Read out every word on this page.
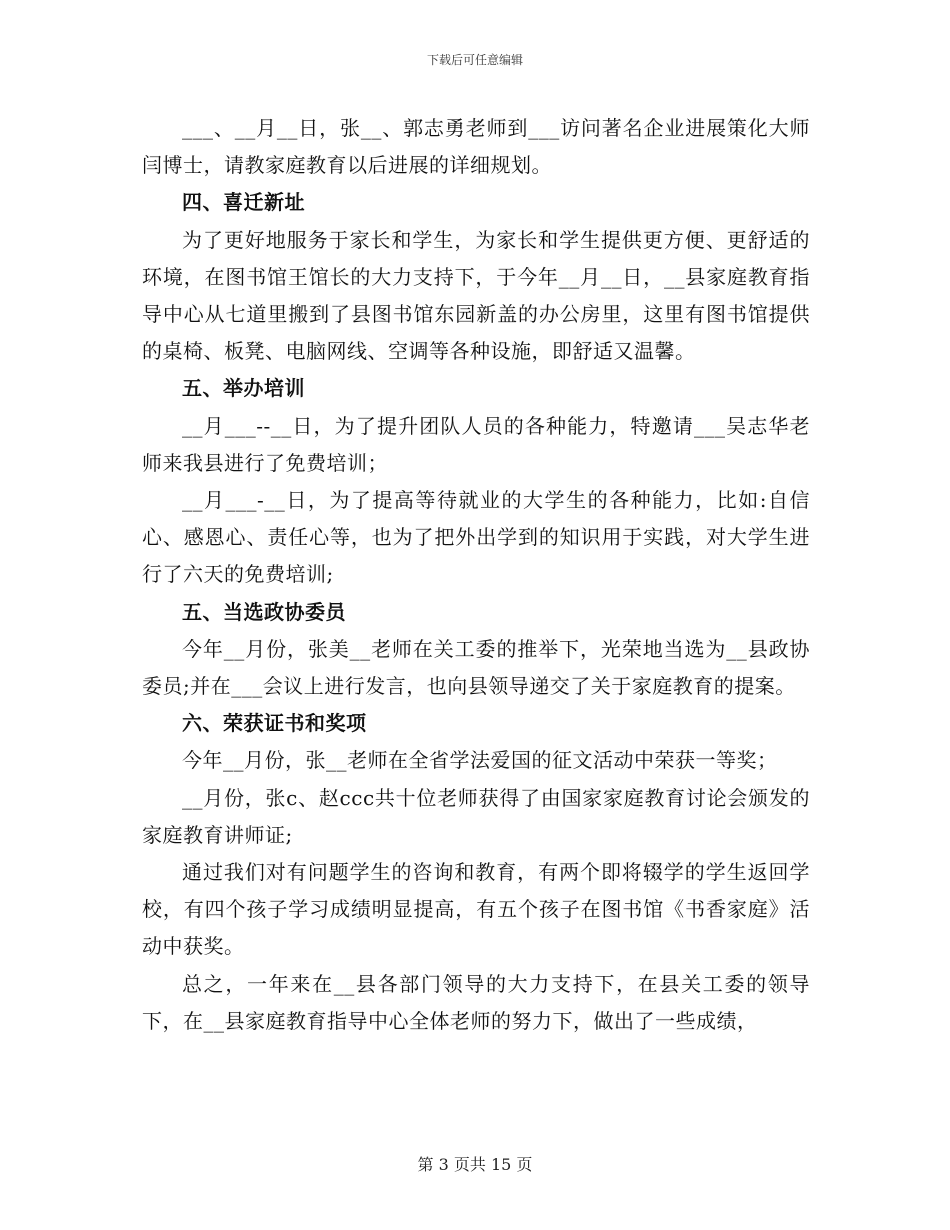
下载后可任意编辑

___、__月__日，张__、郭志勇老师到___访问著名企业进展策化大师闫博士，请教家庭教育以后进展的详细规划。

四、喜迁新址

为了更好地服务于家长和学生，为家长和学生提供更方便、更舒适的环境，在图书馆王馆长的大力支持下，于今年__月__日，__县家庭教育指导中心从七道里搬到了县图书馆东园新盖的办公房里，这里有图书馆提供的桌椅、板凳、电脑网线、空调等各种设施，即舒适又温馨。

五、举办培训

__月___--__日，为了提升团队人员的各种能力，特邀请___吴志华老师来我县进行了免费培训；

__月___-__日，为了提高等待就业的大学生的各种能力，比如:自信心、感恩心、责任心等，也为了把外出学到的知识用于实践，对大学生进行了六天的免费培训;

五、当选政协委员

今年__月份，张美__老师在关工委的推举下，光荣地当选为__县政协委员;并在___会议上进行发言，也向县领导递交了关于家庭教育的提案。

六、荣获证书和奖项

今年__月份，张__老师在全省学法爱国的征文活动中荣获一等奖；

__月份，张c、赵ccc共十位老师获得了由国家家庭教育讨论会颁发的家庭教育讲师证;

通过我们对有问题学生的咨询和教育，有两个即将辍学的学生返回学校，有四个孩子学习成绩明显提高，有五个孩子在图书馆《书香家庭》活动中获奖。

总之，一年来在__县各部门领导的大力支持下，在县关工委的领导下，在__县家庭教育指导中心全体老师的努力下，做出了一些成绩，

第 3 页共 15 页
